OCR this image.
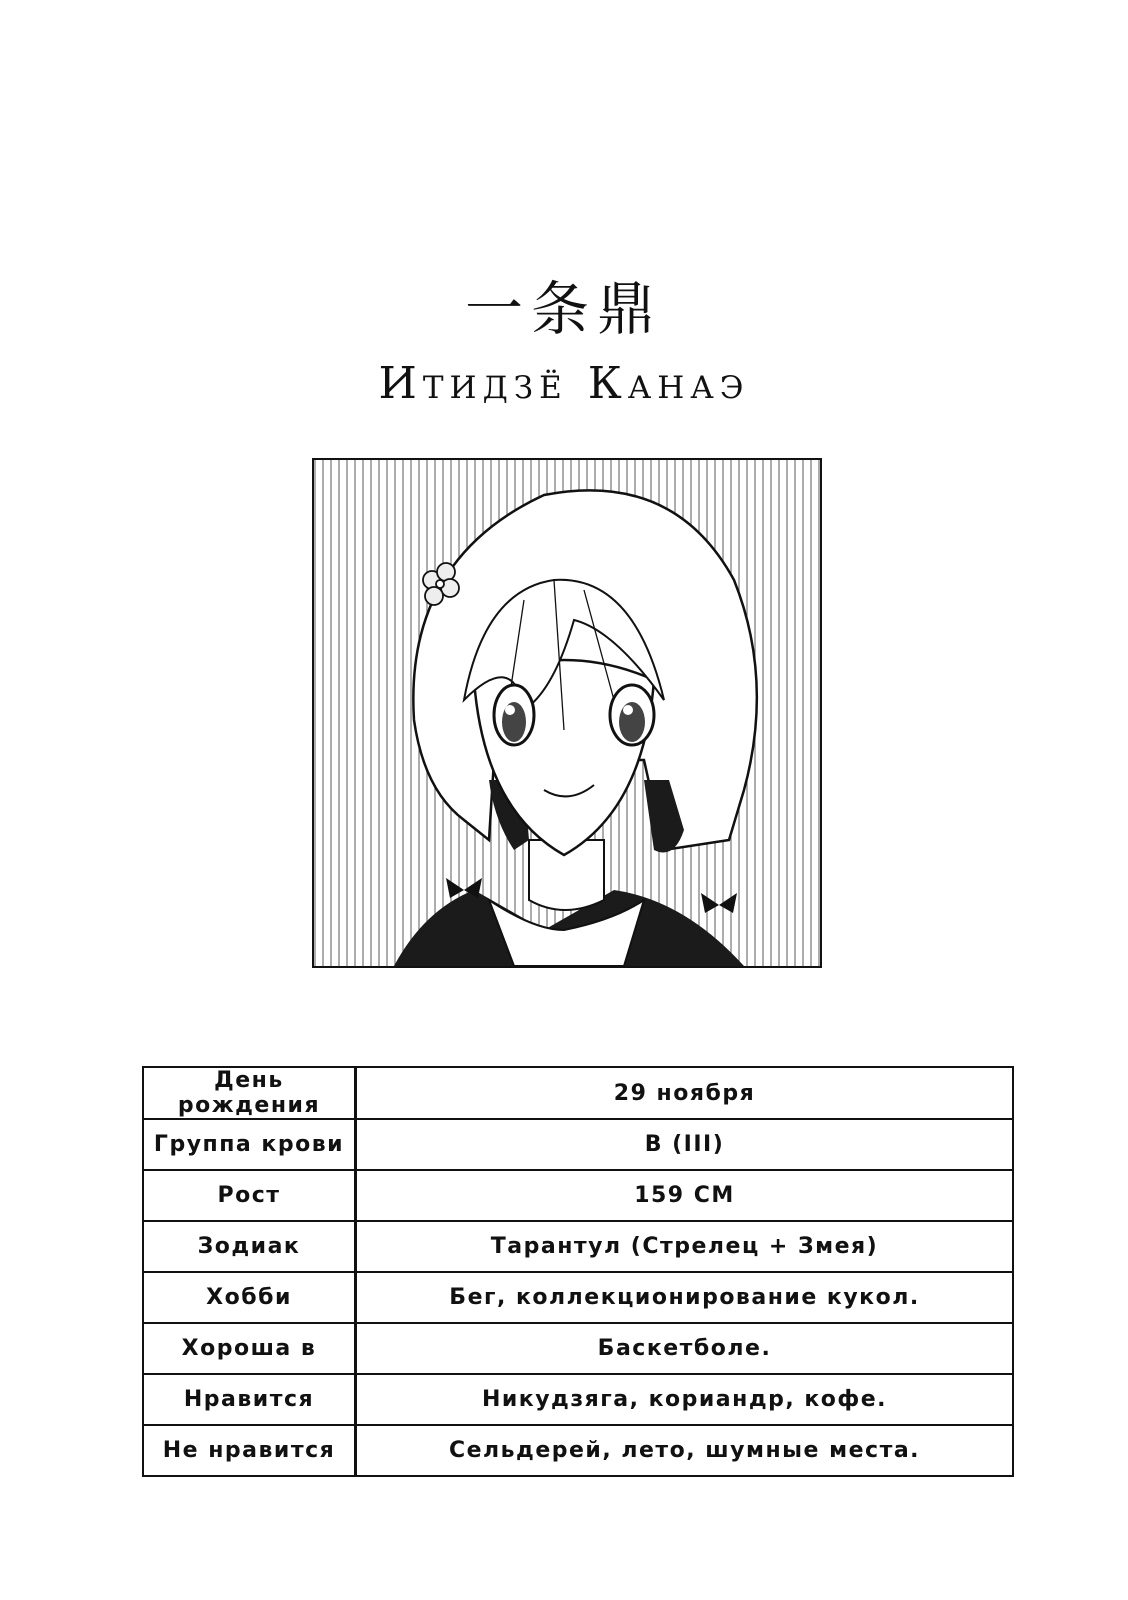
一条鼎
Итидзё Канаэ
День рождения	29 ноября
Группа крови	B (III)
Рост	159 СМ
Зодиак	Тарантул (Стрелец + Змея)
Хобби	Бег, коллекционирование кукол.
Хороша в	Баскетболе.
Нравится	Никудзяга, кориандр, кофе.
Не нравится	Сельдерей, лето, шумные места.
